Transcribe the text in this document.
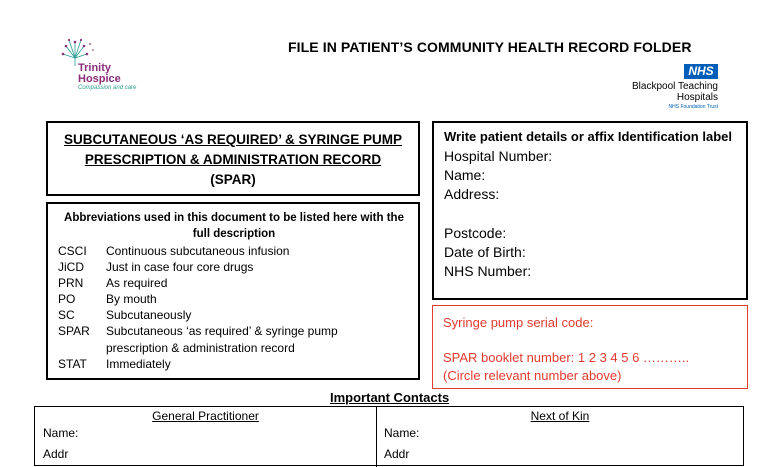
Trinity
Hospice
Compassion and care
FILE IN PATIENT’S COMMUNITY HEALTH RECORD FOLDER
NHS
Blackpool Teaching
Hospitals
NHS Foundation Trust
SUBCUTANEOUS ‘AS REQUIRED’ & SYRINGE PUMP
PRESCRIPTION & ADMINISTRATION RECORD
(SPAR)
Abbreviations used in this document to be listed here with the
full description
CSCI	Continuous subcutaneous infusion
JiCD	Just in case four core drugs
PRN	As required
PO	By mouth
SC	Subcutaneously
SPAR	Subcutaneous ‘as required’ & syringe pump
prescription & administration record
STAT	Immediately
Write patient details or affix Identification label
Hospital Number:
Name:
Address:
Postcode:
Date of Birth:
NHS Number:
Syringe pump serial code:
SPAR booklet number: 1 2 3 4 5 6 ………..
(Circle relevant number above)
Important Contacts
General Practitioner	Next of Kin
Name:	Name:
Addr	Addr
